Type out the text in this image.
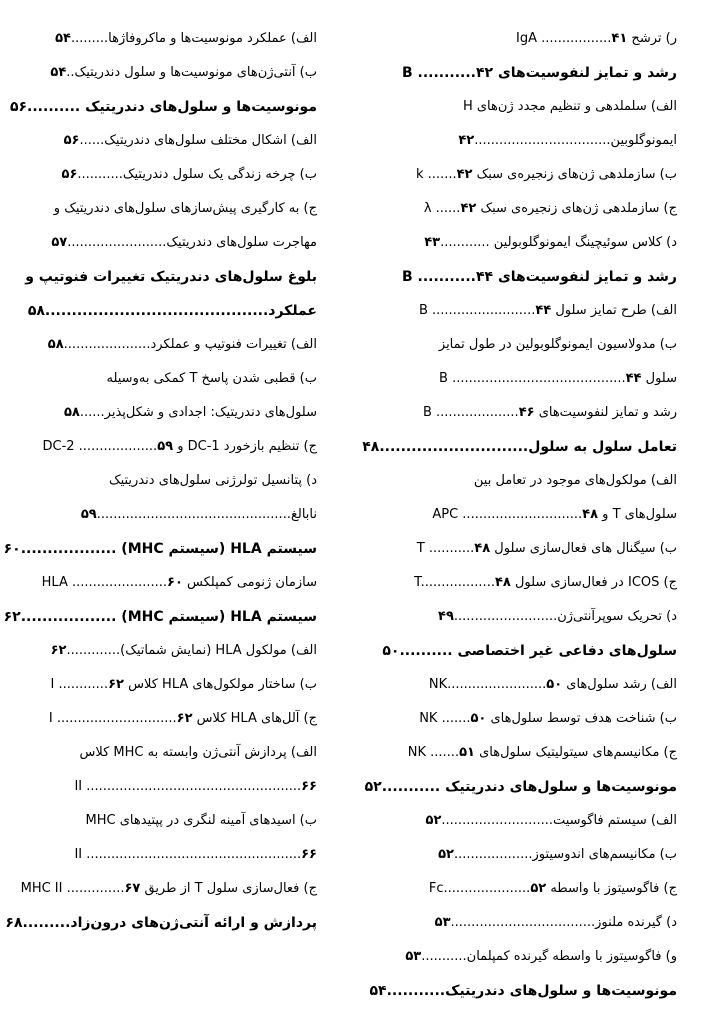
ر) ترشح IgA .................۴۱
رشد و تمایز لنفوسیت‌های B ...........۴۲
الف) سلملدهی و تنظیم مجدد ژن‌های H
ایمونوگلوبین.................................۴۲
ب) سازملدهی ژن‌های زنجیره‌ی سبک k .......۴۲
ج) سازملدهی ژن‌های زنجیره‌ی سبک λ ......۴۲
د) کلاس سوئیچینگ ایمونوگلوبولین ............۴۳
رشد و تمایز لنفوسیت‌های B ...........۴۴
الف) طرح تمایز سلول B .........................۴۴
ب) مدولاسیون ایمونوگلوبولین در طول تمایز
سلول B ..........................................۴۴
رشد و تمایز لنفوسیت‌های B ....................۴۶
تعامل سلول به سلول............................۴۸
الف) مولکول‌های موجود در تعامل بین
سلول‌های T و APC .............................۴۸
ب) سیگنال های فعال‌سازی سلول T ...........۴۸
ج) ICOS در فعال‌سازی سلول T..................۴۸
د) تحریک سوپرآنتی‌ژن.........................۴۹
سلول‌های دفاعی غیر اختصاصی ..........۵۰
الف) رشد سلول‌های NK........................۵۰
ب) شناخت هدف توسط سلول‌های NK .......۵۰
ج) مکانیسم‌های سیتولیتیک سلول‌های NK .......۵۱
مونوسیت‌ها و سلول‌های دندریتیک ...........۵۲
الف) سیستم فاگوسیت...........................۵۲
ب) مکانیسم‌های اندوسیتوز...................۵۲
ج) فاگوسیتوز با واسطه Fc.....................۵۲
د) گیرنده ملنوز...................................۵۳
و) فاگوسیتوز با واسطه گیرنده کمپلمان...........۵۳
مونوسیت‌ها و سلول‌های دندریتیک...........۵۴
الف) عملکرد مونوسیت‌ها و ماکروفاژها.........۵۴
ب) آنتی‌ژن‌های مونوسیت‌ها و سلول دندریتیک..۵۴
مونوسیت‌ها و سلول‌های دندریتیک ..........۵۶
الف) اشکال مختلف سلول‌های دندریتیک......۵۶
ب) چرخه زندگی یک سلول دندریتیک...........۵۶
ج) به کارگیری پیش‌سازهای سلول‌های دندریتیک و
مهاجرت سلول‌های دندریتیک........................۵۷
بلوغ سلول‌های دندریتیک تغییرات فنوتیپ و
عملکرد..........................................۵۸
الف) تغییرات فنوتیپ و عملکرد.....................۵۸
ب) قطبی شدن پاسخ T کمکی به‌وسیله
سلول‌های دندریتیک: اجدادی و شکل‌پذیر......۵۸
ج) تنظیم بازخورد DC-1 و DC-2 ...................۵۹
د) پتانسیل تولرژنی سلول‌های دندریتیک
نابالغ...............................................۵۹
سیستم HLA (سیستم MHC) ..................۶۰
سازمان ژنومی کمپلکس HLA .......................۶۰
سیستم HLA (سیستم MHC) ..................۶۲
الف) مولکول HLA (نمایش شماتیک).............۶۲
ب) ساختار مولکول‌های HLA کلاس I ............۶۲
ج) آلل‌های HLA کلاس I .............................۶۲
الف) پردازش آنتی‌ژن وابسته به MHC کلاس
II ....................................................۶۶
ب) اسیدهای آمینه لنگری در پپتیدهای MHC
II ....................................................۶۶
ج) فعال‌سازی سلول T از طریق MHC II ..............۶۷
پردازش و ارائه آنتی‌ژن‌های درون‌زاد.........۶۸
